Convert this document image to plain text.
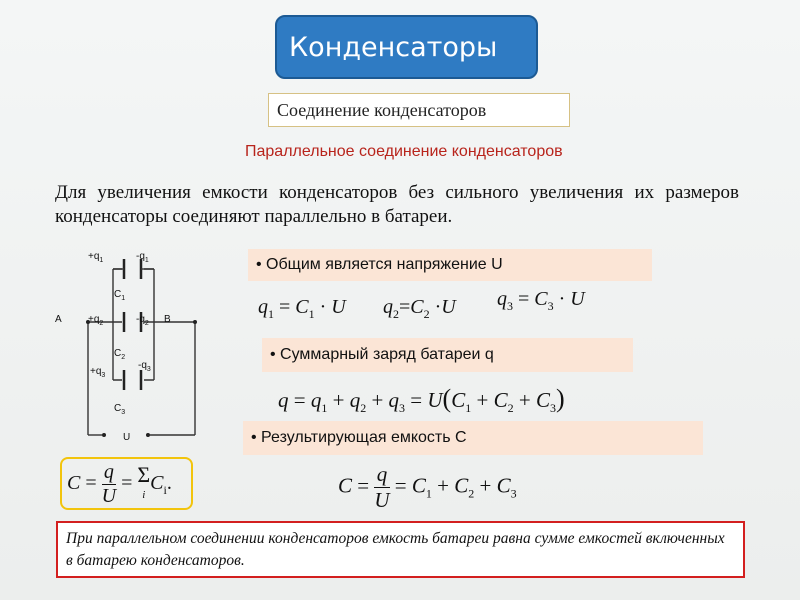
Конденсаторы
Соединение конденсаторов
Параллельное соединение конденсаторов
Для увеличения емкости конденсаторов без сильного увеличения их размеров конденсаторы соединяют параллельно в батареи.
$+q_1$	$-q_1$
$C_1$
A	$+q_2$	$-q_2$ B
$C_2$
$-q_3$
$+q_3$
$C_3$
U
• Общим является напряжение U
• Суммарный заряд батареи q
• Результирующая емкость C
$q_1 = C_1 \cdot U$ $q_2=C_2 \cdot U$ $q_3 = C_3 \cdot U$
$q = q_1 + q_2 + q_3 = U(C_1 + C_2 + C_3)$
$C = \frac{q}{U} = C_1 + C_2 + C_3$
$C = \frac{q}{U} = \Sigma$
$iC_i$.
При параллельном соединении конденсаторов емкость батареи равна сумме емкостей включенных в батарею конденсаторов.
